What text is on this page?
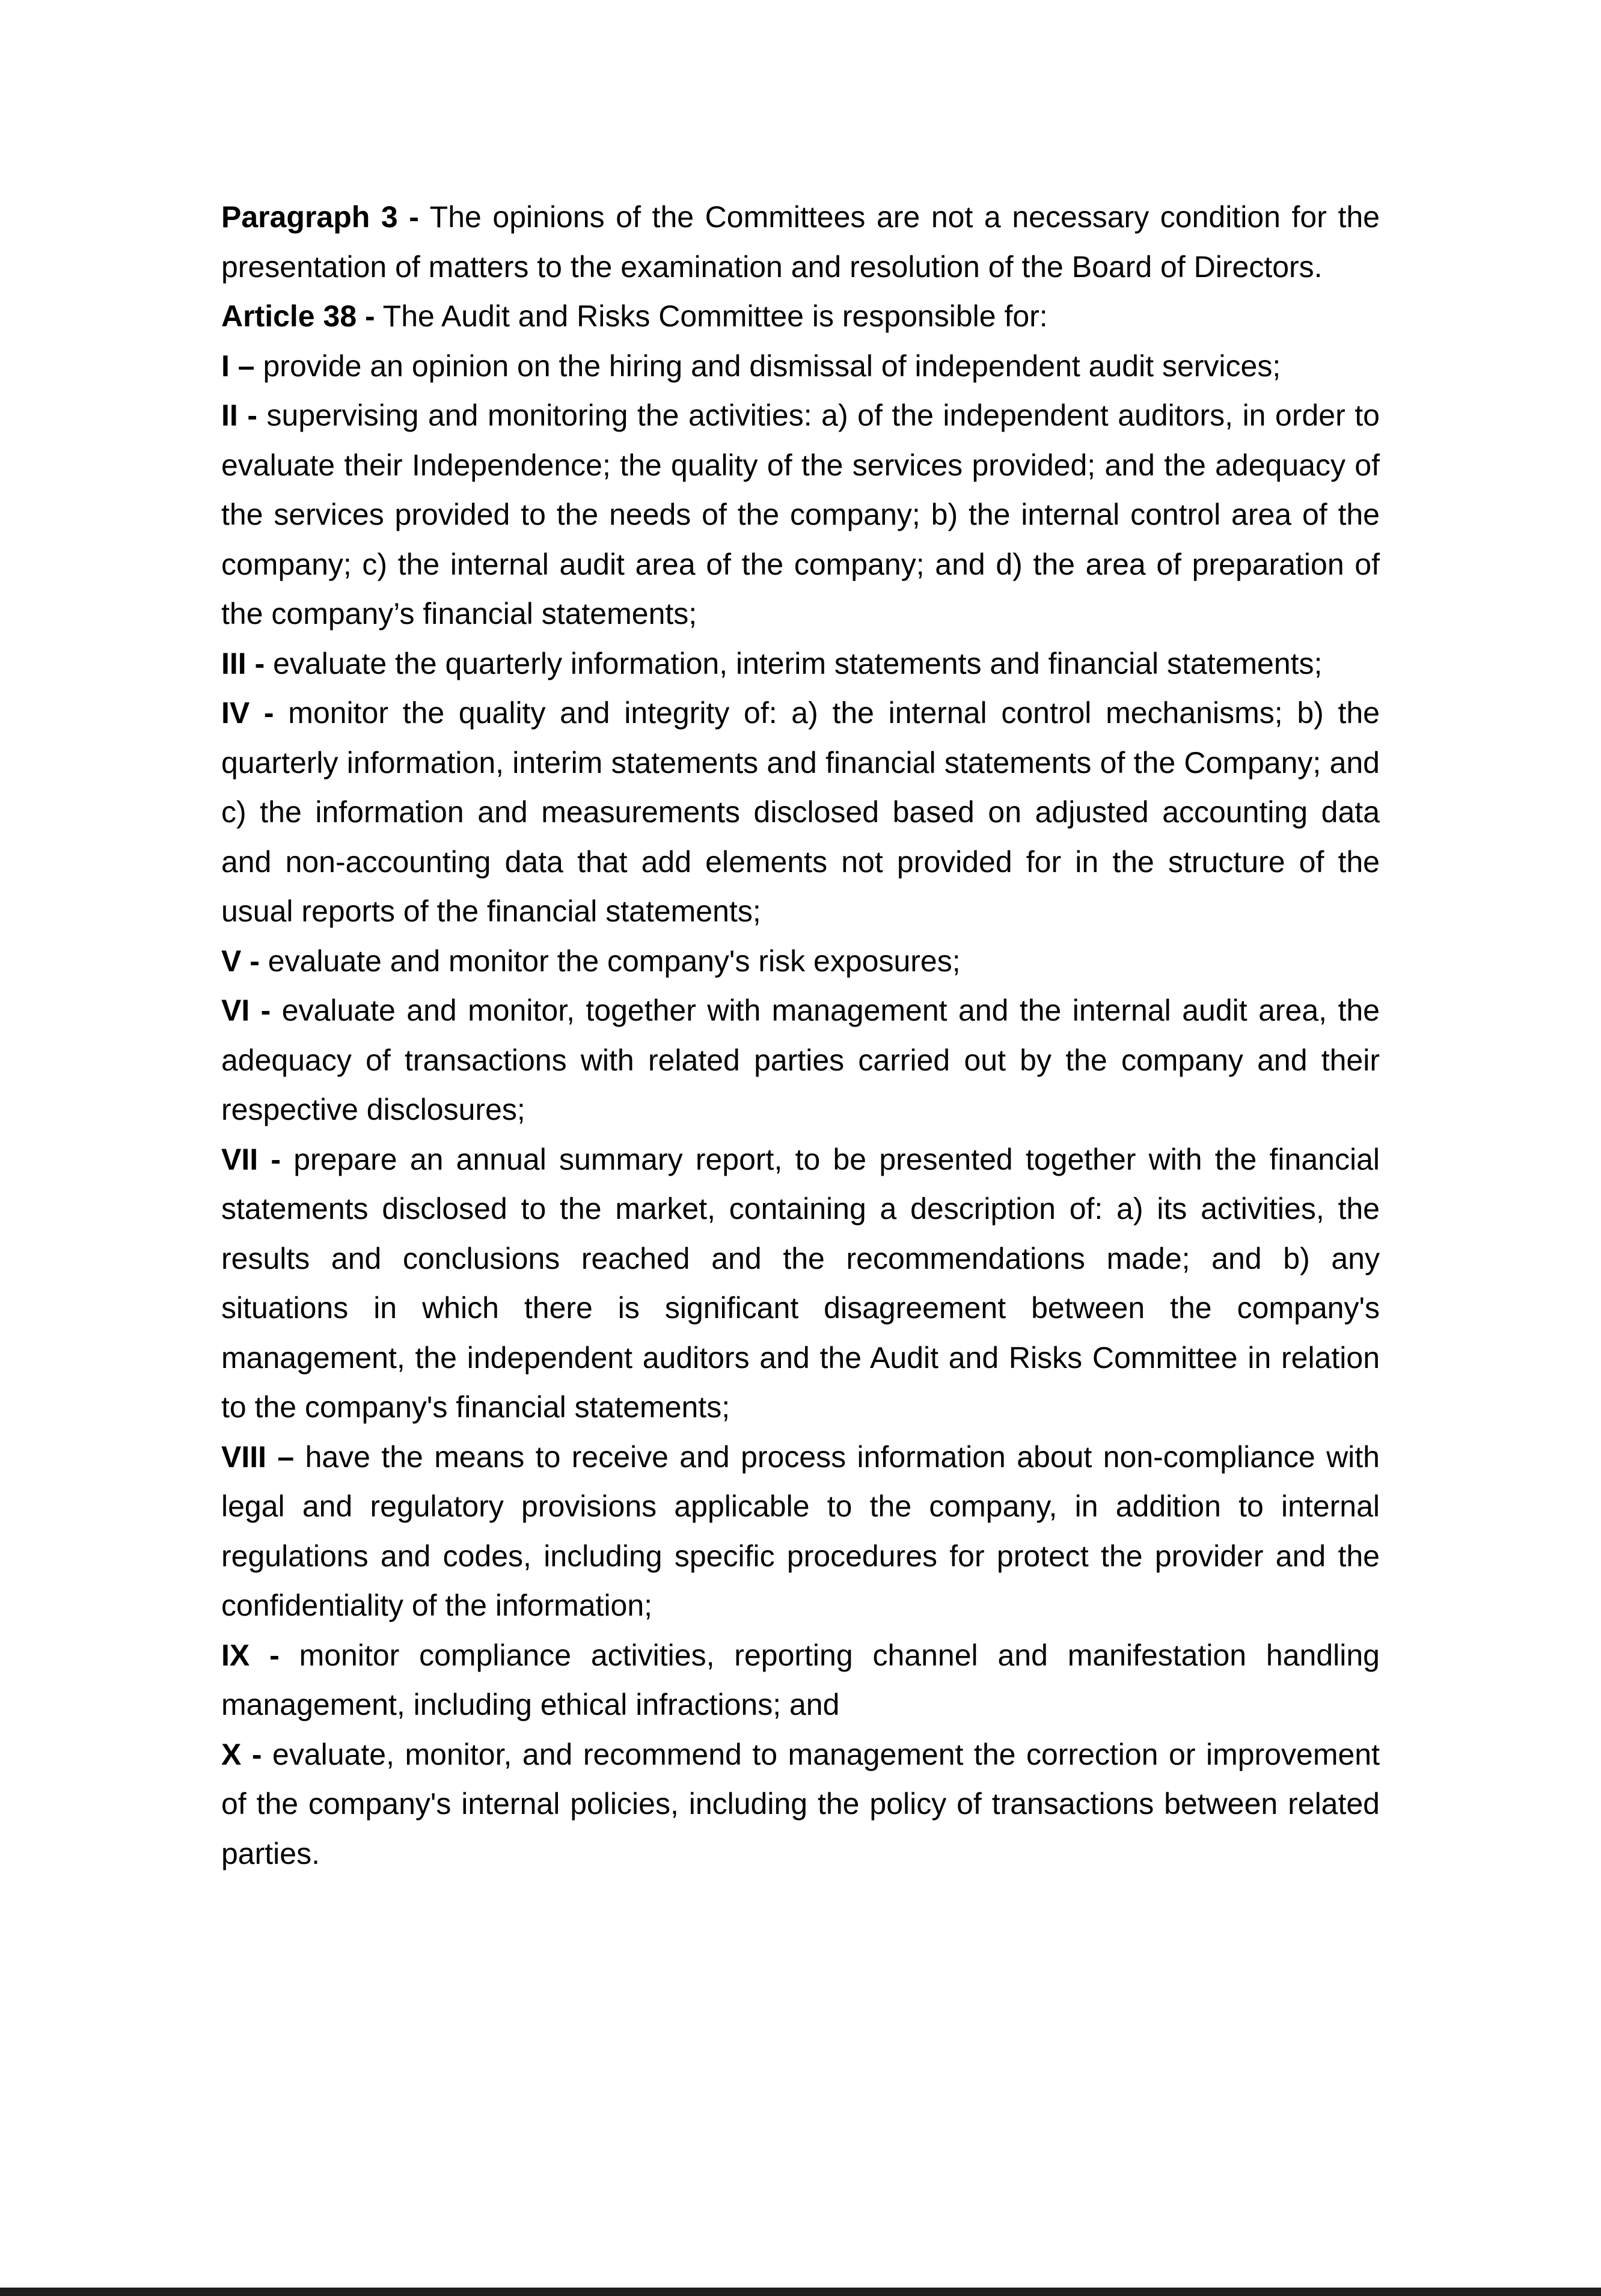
Paragraph 3 - The opinions of the Committees are not a necessary condition for the presentation of matters to the examination and resolution of the Board of Directors.

Article 38 - The Audit and Risks Committee is responsible for:

I – provide an opinion on the hiring and dismissal of independent audit services;

II - supervising and monitoring the activities: a) of the independent auditors, in order to evaluate their Independence; the quality of the services provided; and the adequacy of the services provided to the needs of the company; b) the internal control area of the company; c) the internal audit area of the company; and d) the area of preparation of the company’s financial statements;

III - evaluate the quarterly information, interim statements and financial statements;

IV - monitor the quality and integrity of: a) the internal control mechanisms; b) the quarterly information, interim statements and financial statements of the Company; and c) the information and measurements disclosed based on adjusted accounting data and non-accounting data that add elements not provided for in the structure of the usual reports of the financial statements;

V - evaluate and monitor the company's risk exposures;

VI - evaluate and monitor, together with management and the internal audit area, the adequacy of transactions with related parties carried out by the company and their respective disclosures;

VII - prepare an annual summary report, to be presented together with the financial statements disclosed to the market, containing a description of: a) its activities, the results and conclusions reached and the recommendations made; and b) any situations in which there is significant disagreement between the company's management, the independent auditors and the Audit and Risks Committee in relation to the company's financial statements;

VIII – have the means to receive and process information about non-compliance with legal and regulatory provisions applicable to the company, in addition to internal regulations and codes, including specific procedures for protect the provider and the confidentiality of the information;

IX - monitor compliance activities, reporting channel and manifestation handling management, including ethical infractions; and

X - evaluate, monitor, and recommend to management the correction or improvement of the company's internal policies, including the policy of transactions between related parties.
